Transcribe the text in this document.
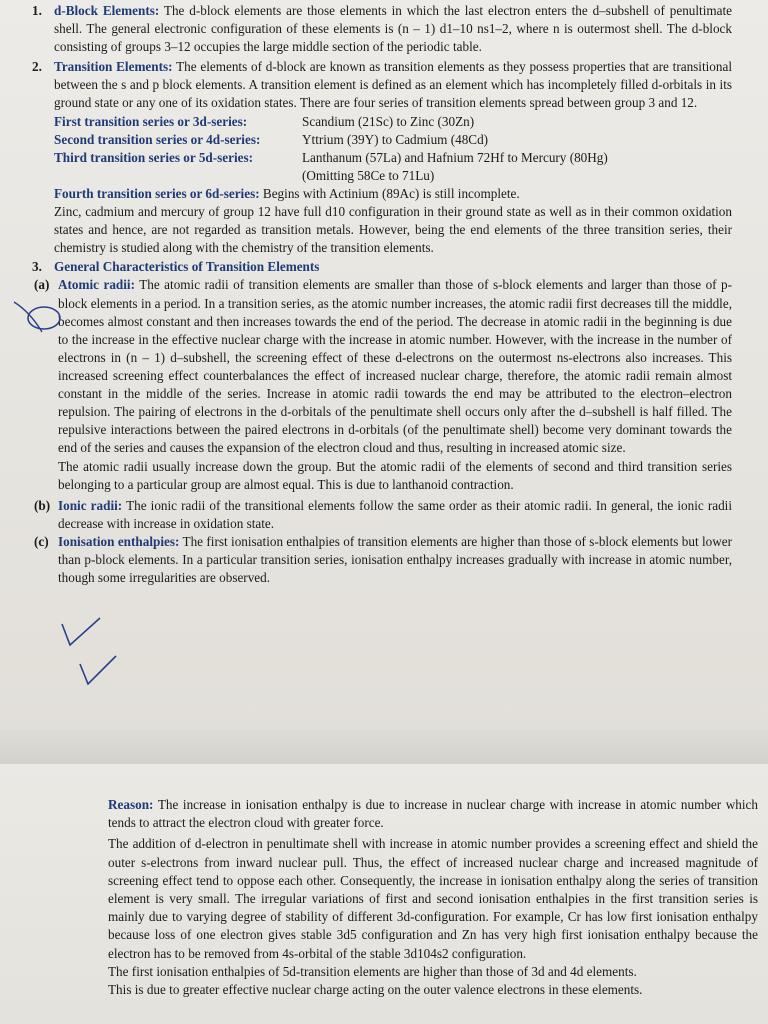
1. d-Block Elements: The d-block elements are those elements in which the last electron enters the d–subshell of penultimate shell. The general electronic configuration of these elements is (n – 1) d1–10 ns1–2, where n is outermost shell. The d-block consisting of groups 3–12 occupies the large middle section of the periodic table.
2. Transition Elements: The elements of d-block are known as transition elements as they possess properties that are transitional between the s and p block elements. A transition element is defined as an element which has incompletely filled d-orbitals in its ground state or any one of its oxidation states. There are four series of transition elements spread between group 3 and 12.
First transition series or 3d-series:	Scandium (21Sc) to Zinc (30Zn)
Second transition series or 4d-series:	Yttrium (39Y) to Cadmium (48Cd)
Third transition series or 5d-series:	Lanthanum (57La) and Hafnium 72Hf to Mercury (80Hg)
(Omitting 58Ce to 71Lu)

Fourth transition series or 6d-series: Begins with Actinium (89Ac) is still incomplete.

Zinc, cadmium and mercury of group 12 have full d10 configuration in their ground state as well as in their common oxidation states and hence, are not regarded as transition metals. However, being the end elements of the three transition series, their chemistry is studied along with the chemistry of the transition elements.

3. General Characteristics of Transition Elements
(a) Atomic radii: The atomic radii of transition elements are smaller than those of s-block elements and larger than those of p-block elements in a period. In a transition series, as the atomic number increases, the atomic radii first decreases till the middle, becomes almost constant and then increases towards the end of the period. The decrease in atomic radii in the beginning is due to the increase in the effective nuclear charge with the increase in atomic number. However, with the increase in the number of electrons in (n – 1) d–subshell, the screening effect of these d-electrons on the outermost ns-electrons also increases. This increased screening effect counterbalances the effect of increased nuclear charge, therefore, the atomic radii remain almost constant in the middle of the series. Increase in atomic radii towards the end may be attributed to the electron–electron repulsion. The pairing of electrons in the d-orbitals of the penultimate shell occurs only after the d–subshell is half filled. The repulsive interactions between the paired electrons in d-orbitals (of the penultimate shell) become very dominant towards the end of the series and causes the expansion of the electron cloud and thus, resulting in increased atomic size.

The atomic radii usually increase down the group. But the atomic radii of the elements of second and third transition series belonging to a particular group are almost equal. This is due to lanthanoid contraction.

(b) Ionic radii: The ionic radii of the transitional elements follow the same order as their atomic radii. In general, the ionic radii decrease with increase in oxidation state.
(c) Ionisation enthalpies: The first ionisation enthalpies of transition elements are higher than those of s-block elements but lower than p-block elements. In a particular transition series, ionisation enthalpy increases gradually with increase in atomic number, though some irregularities are observed.

Reason: The increase in ionisation enthalpy is due to increase in nuclear charge with increase in atomic number which tends to attract the electron cloud with greater force.

The addition of d-electron in penultimate shell with increase in atomic number provides a screening effect and shield the outer s-electrons from inward nuclear pull. Thus, the effect of increased nuclear charge and increased magnitude of screening effect tend to oppose each other. Consequently, the increase in ionisation enthalpy along the series of transition element is very small. The irregular variations of first and second ionisation enthalpies in the first transition series is mainly due to varying degree of stability of different 3d-configuration. For example, Cr has low first ionisation enthalpy because loss of one electron gives stable 3d5 configuration and Zn has very high first ionisation enthalpy because the electron has to be removed from 4s-orbital of the stable 3d104s2 configuration.

The first ionisation enthalpies of 5d-transition elements are higher than those of 3d and 4d elements.

This is due to greater effective nuclear charge acting on the outer valence electrons in these elements.
